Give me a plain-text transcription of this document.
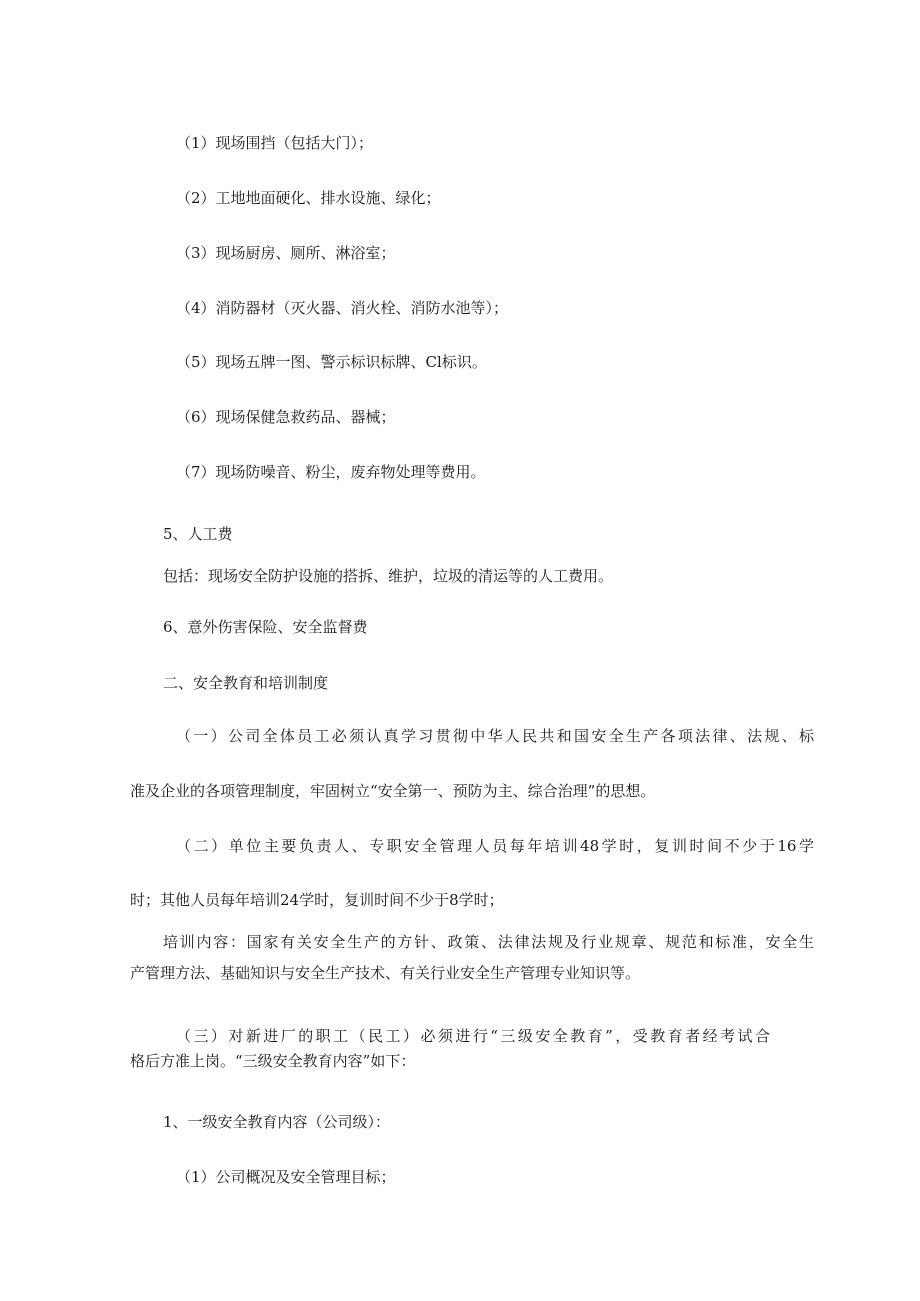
（1）现场围挡（包括大门）；

（2）工地地面硬化、排水设施、绿化；

（3）现场厨房、厕所、淋浴室；

（4）消防器材（灭火器、消火栓、消防水池等）；

（5）现场五牌一图、警示标识标牌、Cl标识。

（6）现场保健急救药品、器械；

（7）现场防噪音、粉尘，废弃物处理等费用。

5、人工费

包括：现场安全防护设施的搭拆、维护，垃圾的清运等的人工费用。

6、意外伤害保险、安全监督费

二、安全教育和培训制度

（一）公司全体员工必须认真学习贯彻中华人民共和国安全生产各项法律、法规、标

准及企业的各项管理制度，牢固树立“安全第一、预防为主、综合治理”的思想。

（二）单位主要负责人、专职安全管理人员每年培训48学时，复训时间不少于16学

时；其他人员每年培训24学时，复训时间不少于8学时；

培训内容：国家有关安全生产的方针、政策、法律法规及行业规章、规范和标准，安全生

产管理方法、基础知识与安全生产技术、有关行业安全生产管理专业知识等。

（三）对新进厂的职工（民工）必须进行“三级安全教育”，受教育者经考试合

格后方准上岗。“三级安全教育内容”如下：

1、一级安全教育内容（公司级）：

（1）公司概况及安全管理目标；
